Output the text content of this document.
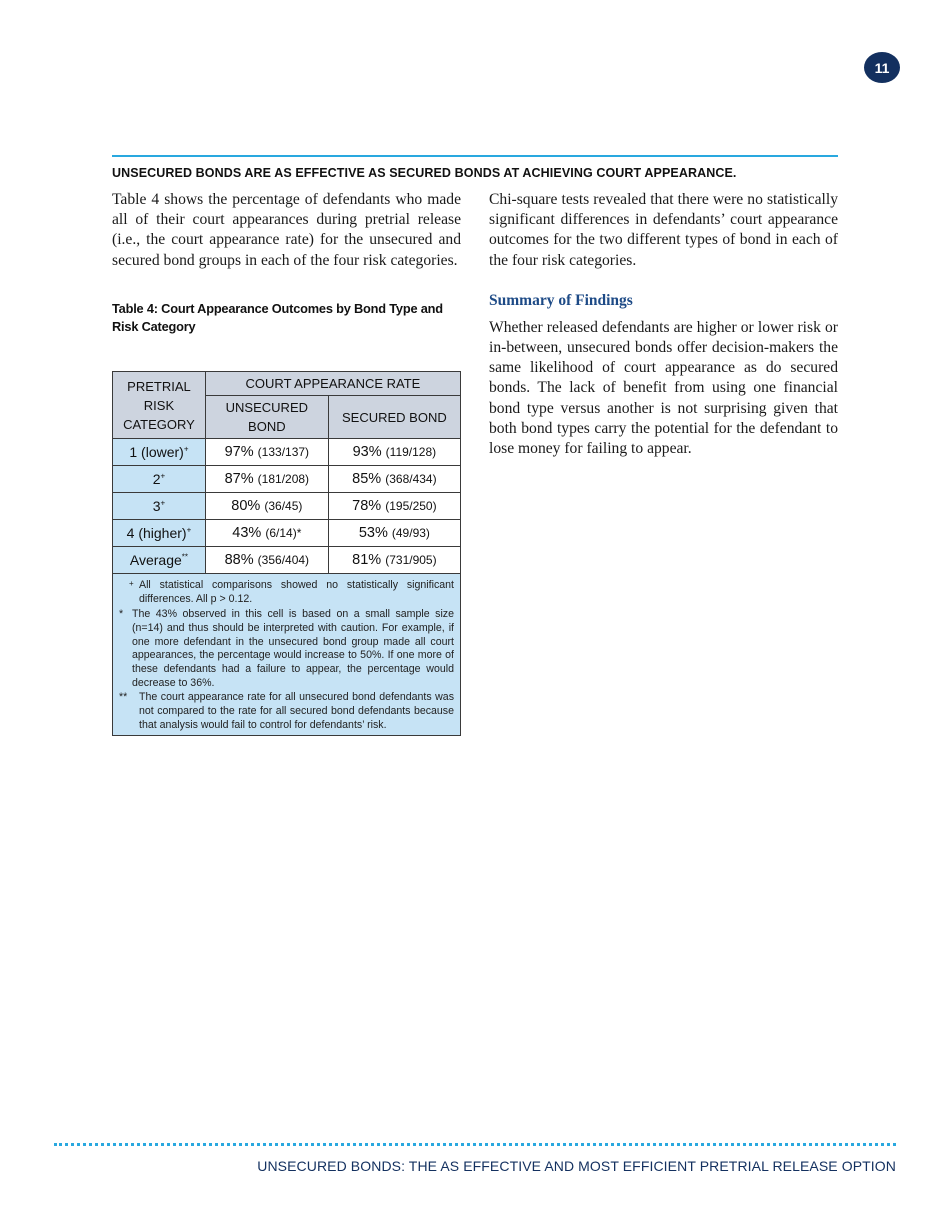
11
UNSECURED BONDS ARE AS EFFECTIVE AS SECURED BONDS AT ACHIEVING COURT APPEARANCE.

Table 4 shows the percentage of defendants who made all of their court appearances during pretrial release (i.e., the court appearance rate) for the unsecured and secured bond groups in each of the four risk categories.

Table 4: Court Appearance Outcomes by Bond Type and Risk Category

PRETRIAL RISK CATEGORY	COURT APPEARANCE RATE	
	UNSECURED BOND	SECURED BOND
1 (lower)+	97% (133/137)	93% (119/128)
2+	87% (181/208)	85% (368/434)
3+	80% (36/45)	78% (195/250)
4 (higher)+	43% (6/14)*	53% (49/93)
Average**	88% (356/404)	81% (731/905)
+ All statistical comparisons showed no statistically significant differences. All p > 0.12.
* The 43% observed in this cell is based on a small sample size (n=14) and thus should be interpreted with caution. For example, if one more defendant in the unsecured bond group made all court appearances, the percentage would increase to 50%. If one more of these defendants had a failure to appear, the percentage would decrease to 36%.
**	The court appearance rate for all unsecured bond defendants was not compared to the rate for all secured bond defendants because that analysis would fail to control for defendants’ risk.

Chi-square tests revealed that there were no statistically significant differences in defendants’ court appearance outcomes for the two different types of bond in each of the four risk categories.

Summary of Findings

Whether released defendants are higher or lower risk or in-between, unsecured bonds offer decision-makers the same likelihood of court appearance as do secured bonds. The lack of benefit from using one financial bond type versus another is not surprising given that both bond types carry the potential for the defendant to lose money for failing to appear.

UNSECURED BONDS: THE AS EFFECTIVE AND MOST EFFICIENT PRETRIAL RELEASE OPTION
